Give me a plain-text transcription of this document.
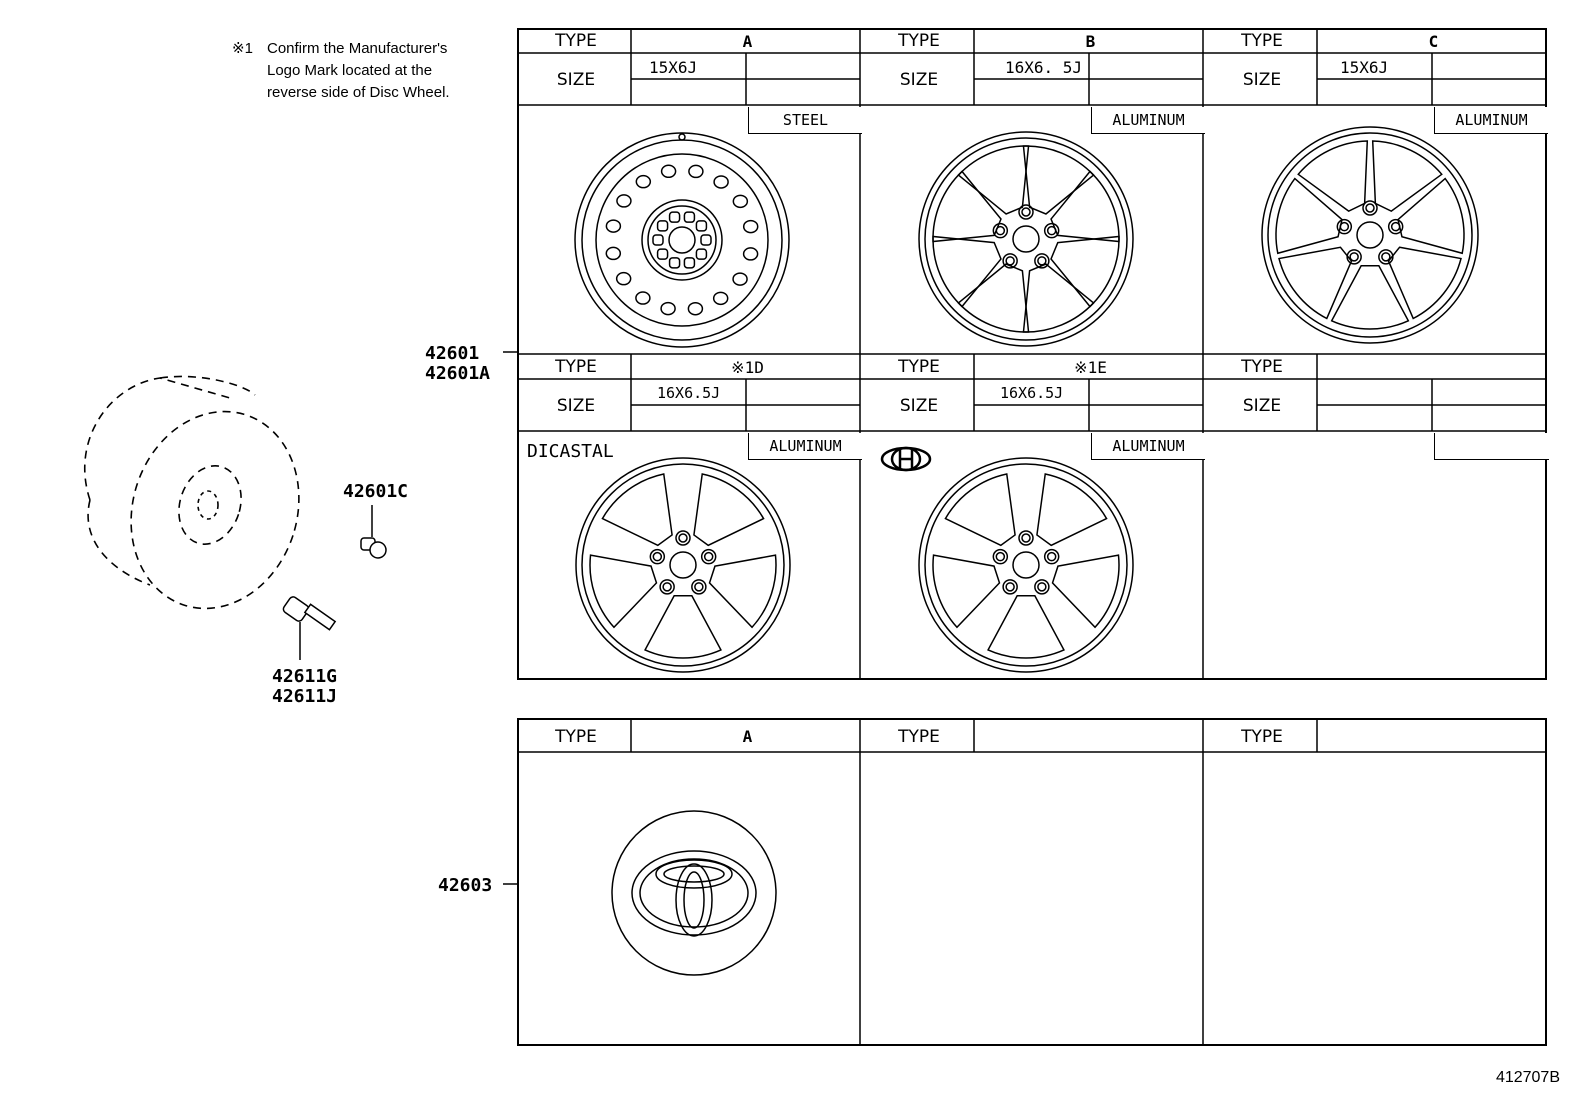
※1 Confirm the Manufacturer's
Logo Mark located at the
reverse side of Disc Wheel.
42601
42601A
42601C
42611G
42611J
42603
TYPE	A
SIZE
15X6J
STEEL
TYPE	B
SIZE
16X6. 5J
ALUMINUM
TYPE	C
SIZE
15X6J
ALUMINUM
TYPE	※1D
SIZE
16X6.5J
ALUMINUM
DICASTAL
TYPE	※1E
SIZE
16X6.5J
ALUMINUM
TYPE
SIZE
TYPE	A	TYPE	TYPE
412707B
